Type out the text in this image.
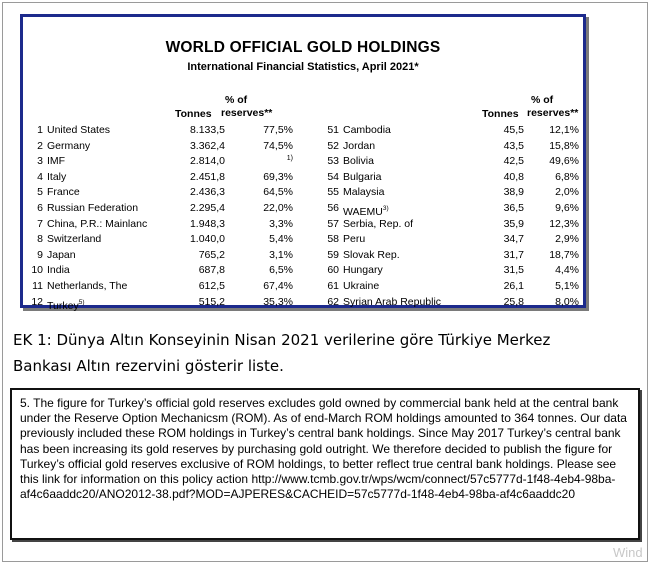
WORLD OFFICIAL GOLD HOLDINGS
International Financial Statistics, April 2021*
Tonnes
% of
reserves**	Tonnes
% of
reserves**
1 United States	8.133,5	77,5%	51 Cambodia	45,5	12,1%
2 Germany	3.362,4	74,5%	52 Jordan	43,5	15,8%
3 IMF	2.814,0	1)	53 Bolivia	42,5	49,6%
4 Italy	2.451,8	69,3%	54 Bulgaria	40,8	6,8%
5 France	2.436,3	64,5%	55 Malaysia	38,9	2,0%
6 Russian Federation	2.295,4	22,0%	56 WAEMU$^{3)}$	36,5	9,6%
7 China, P.R.: Mainlanc	1.948,3	3,3%	57 Serbia, Rep. of	35,9	12,3%
8 Switzerland	1.040,0	5,4%	58 Peru	34,7	2,9%
9 Japan	765,2	3,1%	59 Slovak Rep.	31,7	18,7%
10 India	687,8	6,5%	60 Hungary	31,5	4,4%
11 Netherlands, The	612,5	67,4%	61 Ukraine	26,1	5,1%
12 Turkey$^{5)}$	515,2	35,3%	62 Syrian Arab Republic	25,8	8,0%
EK 1: Dünya Altın Konseyinin Nisan 2021 verilerine göre Türkiye Merkez Bankası Altın rezervini gösterir liste.
5. The figure for Turkey’s official gold reserves excludes gold owned by commercial bank held at the central bank under the Reserve Option Mechanicsm (ROM). As of end-March ROM holdings amounted to 364 tonnes. Our data previously included these ROM holdings in Turkey’s central bank holdings. Since May 2017 Turkey’s central bank has been increasing its gold reserves by purchasing gold outright. We therefore decided to publish the figure for Turkey’s official gold reserves exclusive of ROM holdings, to better reflect true central bank holdings. Please see this link for information on this policy action http://www.tcmb.gov.tr/wps/wcm/connect/57c5777d-1f48-4eb4-98ba-af4c6aaddc20/ANO2012-38.pdf?MOD=AJPERES&CACHEID=57c5777d-1f48-4eb4-98ba-af4c6aaddc20
Wind
